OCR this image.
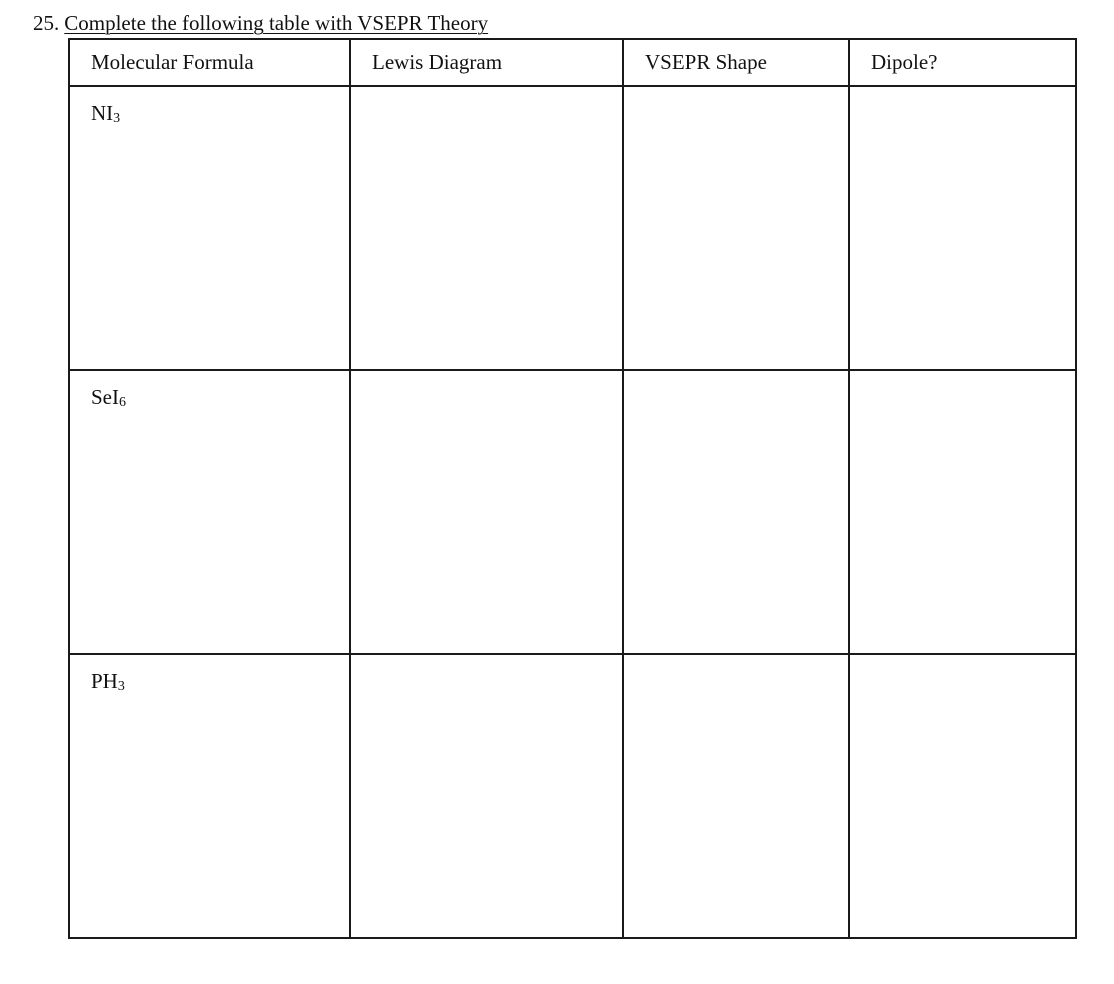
25. Complete the following table with VSEPR Theory
Molecular Formula	Lewis Diagram	VSEPR Shape	Dipole?
$NI_3$			
SeI$_6$			
$PH_3$			
